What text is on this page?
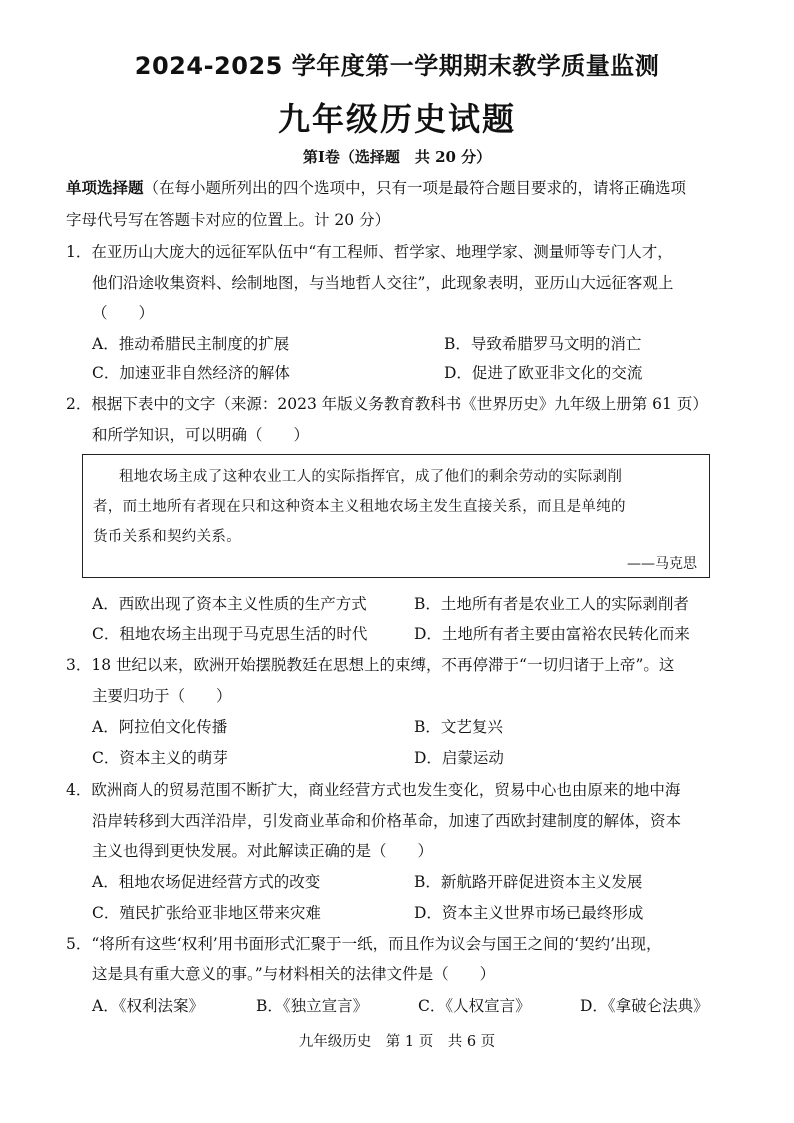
2024-2025 学年度第一学期期末教学质量监测
九年级历史试题
第Ⅰ卷（选择题　共 20 分）
单项选择题（在每小题所列出的四个选项中，只有一项是最符合题目要求的，请将正确选项
字母代号写在答题卡对应的位置上。计 20 分）
1．在亚历山大庞大的远征军队伍中“有工程师、哲学家、地理学家、测量师等专门人才，
他们沿途收集资料、绘制地图，与当地哲人交往”，此现象表明，亚历山大远征客观上
（　　）
A．推动希腊民主制度的扩展	B．导致希腊罗马文明的消亡
C．加速亚非自然经济的解体	D．促进了欧亚非文化的交流
2．根据下表中的文字（来源：2023 年版义务教育教科书《世界历史》九年级上册第 61 页）
和所学知识，可以明确（　　）
租地农场主成了这种农业工人的实际指挥官，成了他们的剩余劳动的实际剥削
者，而土地所有者现在只和这种资本主义租地农场主发生直接关系，而且是单纯的
货币关系和契约关系。
——马克思
A．西欧出现了资本主义性质的生产方式	B．土地所有者是农业工人的实际剥削者
C．租地农场主出现于马克思生活的时代	D．土地所有者主要由富裕农民转化而来
3．18 世纪以来，欧洲开始摆脱教廷在思想上的束缚，不再停滞于“一切归诸于上帝”。这
主要归功于（　　）
A．阿拉伯文化传播	B．文艺复兴
C．资本主义的萌芽	D．启蒙运动
4．欧洲商人的贸易范围不断扩大，商业经营方式也发生变化，贸易中心也由原来的地中海
沿岸转移到大西洋沿岸，引发商业革命和价格革命，加速了西欧封建制度的解体，资本
主义也得到更快发展。对此解读正确的是（　　）
A．租地农场促进经营方式的改变	B．新航路开辟促进资本主义发展
C．殖民扩张给亚非地区带来灾难	D．资本主义世界市场已最终形成
5．“将所有这些‘权利’用书面形式汇聚于一纸，而且作为议会与国王之间的‘契约’出现，
这是具有重大意义的事。”与材料相关的法律文件是（　　）
A．《权利法案》	B．《独立宣言》	C．《人权宣言》	D．《拿破仑法典》
九年级历史　第 1 页　共 6 页
